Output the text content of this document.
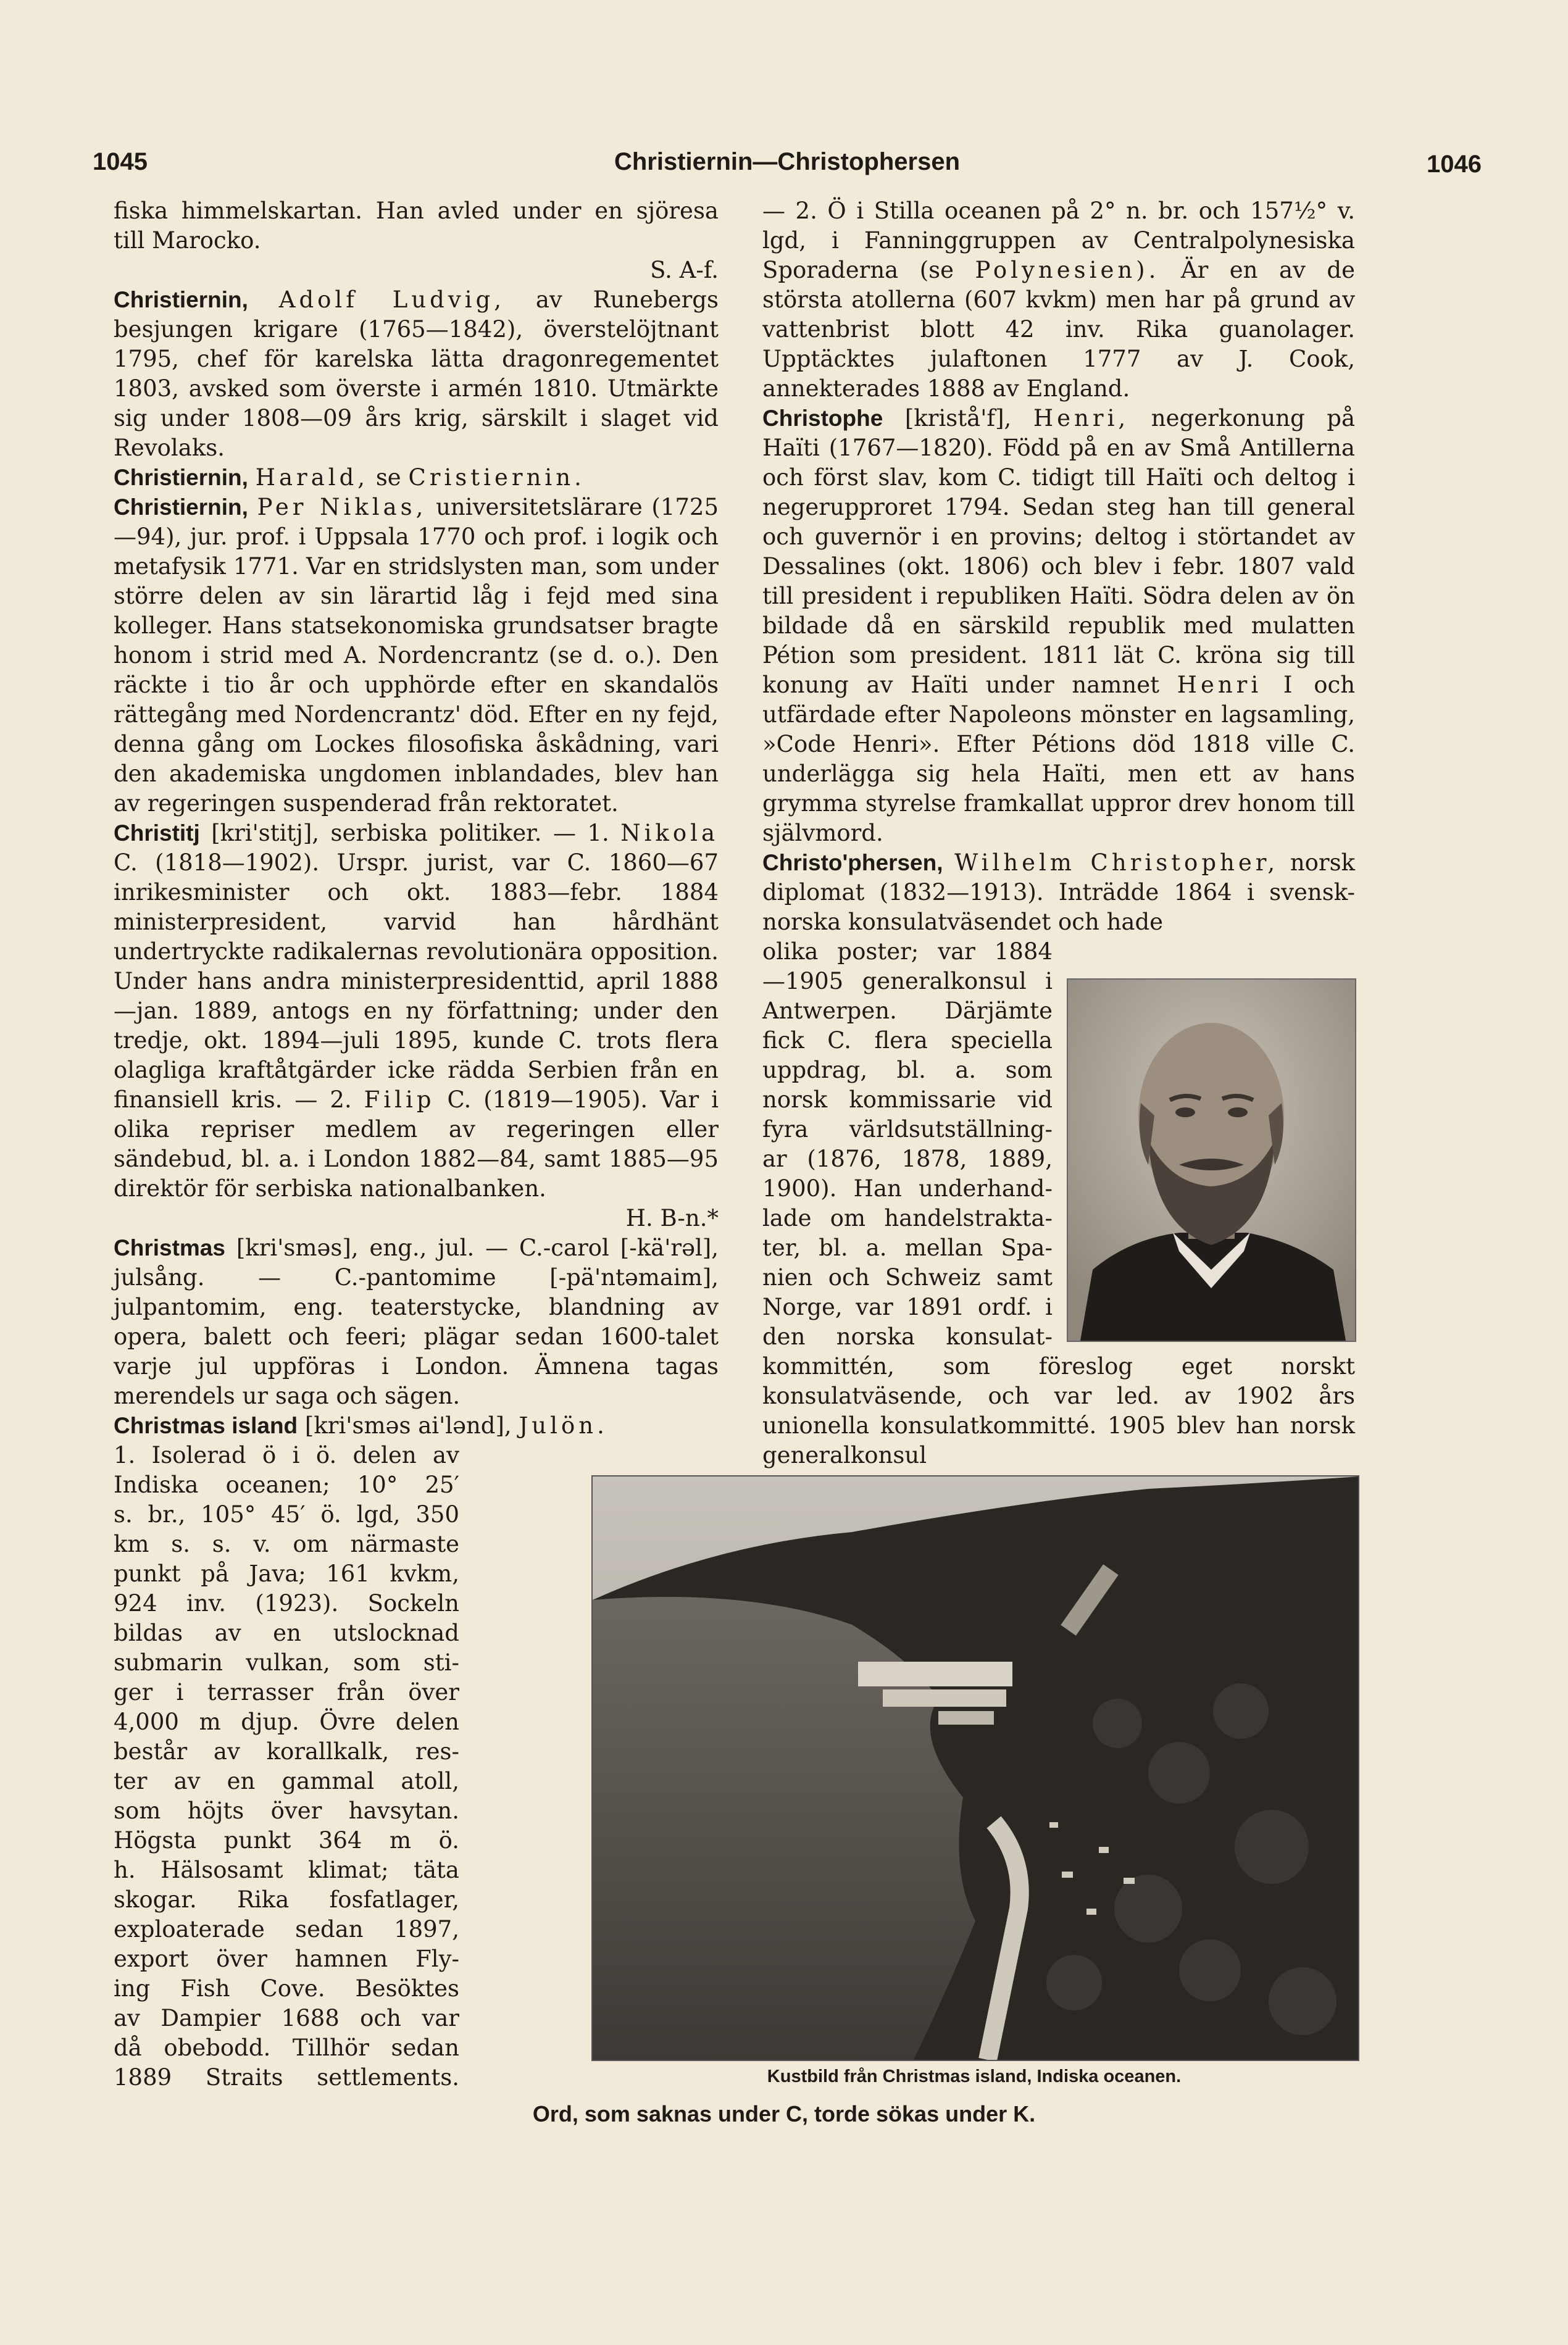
1045	Christiernin—Christophersen	1046

fiska himmelskartan. Han avled under en sjöresa till Marocko.
S. A-f.

Christiernin, Adolf Ludvig, av Runebergs besjungen krigare (1765—1842), överstelöjtnant 1795, chef för karelska lätta dragonregementet 1803, avsked som överste i armén 1810. Utmärkte sig under 1808—09 års krig, särskilt i slaget vid Revolaks.

Christiernin, Harald, se Cristiernin.

Christiernin, Per Niklas, universitetslärare (1725—94), jur. prof. i Uppsala 1770 och prof. i logik och metafysik 1771. Var en stridslysten man, som under större delen av sin lärartid låg i fejd med sina kolleger. Hans statsekonomiska grundsatser bragte honom i strid med A. Nordencrantz (se d. o.). Den räckte i tio år och upphörde efter en skandalös rättegång med Nordencrantz' död. Efter en ny fejd, denna gång om Lockes filosofiska åskådning, vari den akademiska ungdomen inblandades, blev han av regeringen suspenderad från rektoratet.

Christitj [kri'stitj], serbiska politiker. — 1. Nikola C. (1818—1902). Urspr. jurist, var C. 1860—67 inrikesminister och okt. 1883—febr. 1884 ministerpresident, varvid han hårdhänt undertryckte radikalernas revolutionära opposition. Under hans andra ministerpresidenttid, april 1888—jan. 1889, antogs en ny författning; under den tredje, okt. 1894—juli 1895, kunde C. trots flera olagliga kraftåtgärder icke rädda Serbien från en finansiell kris. — 2. Filip C. (1819—1905). Var i olika repriser medlem av regeringen eller sändebud, bl. a. i London 1882—84, samt 1885—95 direktör för serbiska nationalbanken.
H. B-n.*

Christmas [kri'sməs], eng., jul. — C.-carol [-kä'rəl], julsång. — C.-pantomime [-pä'ntəmaim], julpantomim, eng. teaterstycke, blandning av opera, balett och feeri; plägar sedan 1600-talet varje jul uppföras i London. Ämnena tagas merendels ur saga och sägen.

Christmas island [kri'sməs ai'lənd], Julön.

1. Isolerad ö i ö. delen av
Indiska oceanen; 10° 25′
s. br., 105° 45′ ö. lgd, 350
km s. s. v. om närmaste
punkt på Java; 161 kvkm,
924 inv. (1923). Sockeln
bildas av en utslocknad
submarin vulkan, som sti-
ger i terrasser från över
4,000 m djup. Övre delen
består av korallkalk, res-
ter av en gammal atoll,
som höjts över havsytan.
Högsta punkt 364 m ö.
h. Hälsosamt klimat; täta
skogar. Rika fosfatlager,
exploaterade sedan 1897,
export över hamnen Fly-
ing Fish Cove. Besöktes
av Dampier 1688 och var
då obebodd. Tillhör sedan
1889 Straits settlements.

— 2. Ö i Stilla oceanen på 2° n. br. och 157½° v. lgd, i Fanninggruppen av Centralpolynesiska Sporaderna (se Polynesien). Är en av de största atollerna (607 kvkm) men har på grund av vattenbrist blott 42 inv. Rika guanolager. Upptäcktes julaftonen 1777 av J. Cook, annekterades 1888 av England.

Christophe [kristå'f], Henri, negerkonung på Haïti (1767—1820). Född på en av Små Antillerna och först slav, kom C. tidigt till Haïti och deltog i negerupproret 1794. Sedan steg han till general och guvernör i en provins; deltog i störtandet av Dessalines (okt. 1806) och blev i febr. 1807 vald till president i republiken Haïti. Södra delen av ön bildade då en särskild republik med mulatten Pétion som president. 1811 lät C. kröna sig till konung av Haïti under namnet Henri I och utfärdade efter Napoleons mönster en lagsamling, »Code Henri». Efter Pétions död 1818 ville C. underlägga sig hela Haïti, men ett av hans grymma styrelse framkallat uppror drev honom till självmord.

Christo'phersen, Wilhelm Christopher, norsk diplomat (1832—1913). Inträdde 1864 i svensk-norska konsulatväsendet och hade

olika poster; var 1884
—1905 generalkonsul i
Antwerpen. Därjämte
fick C. flera speciella
uppdrag, bl. a. som
norsk kommissarie vid
fyra världsutställning-
ar (1876, 1878, 1889,
1900). Han underhand-
lade om handelstrakta-
ter, bl. a. mellan Spa-
nien och Schweiz samt
Norge, var 1891 ordf. i
den norska konsulat-

kommittén, som föreslog eget norskt konsulatväsende, och var led. av 1902 års unionella konsulatkommitté. 1905 blev han norsk generalkonsul

Kustbild från Christmas island, Indiska oceanen.
Ord, som saknas under C, torde sökas under K.
